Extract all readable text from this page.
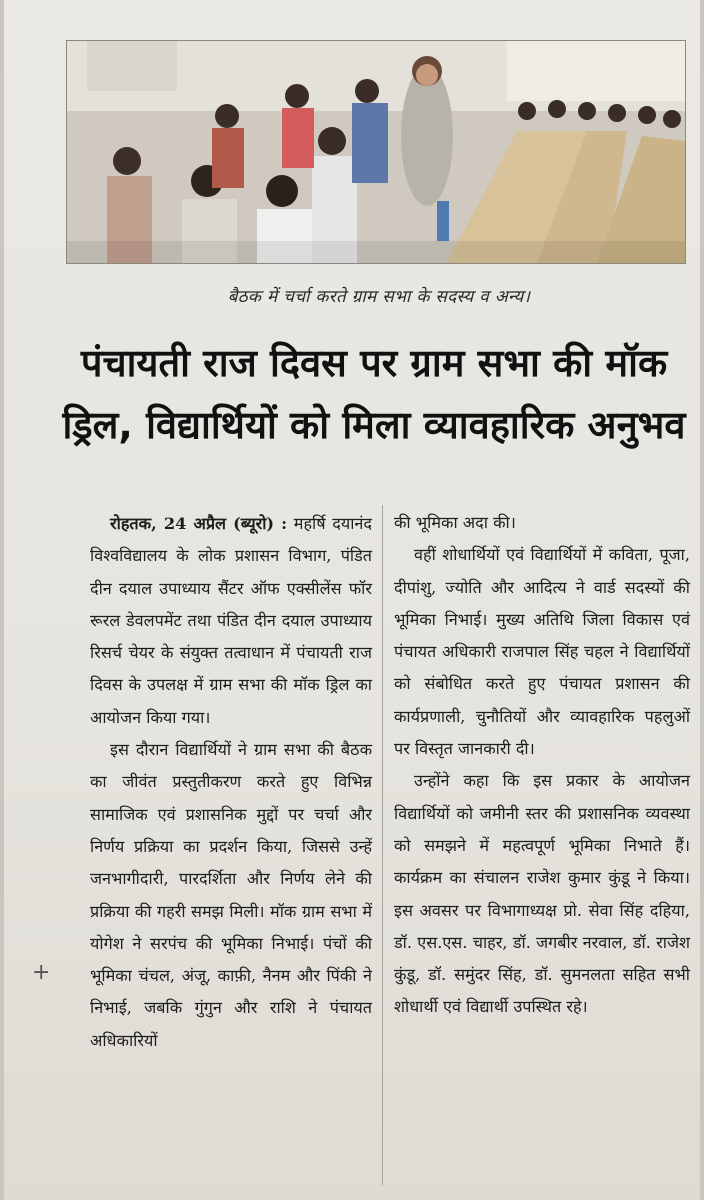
बैठक में चर्चा करते ग्राम सभा के सदस्य व अन्य।
पंचायती राज दिवस पर ग्राम सभा की मॉक
ड्रिल, विद्यार्थियों को मिला व्यावहारिक अनुभव

रोहतक, 24 अप्रैल (ब्यूरो) : महर्षि दयानंद विश्वविद्यालय के लोक प्रशासन विभाग, पंडित दीन दयाल उपाध्याय सैंटर ऑफ एक्सीलेंस फॉर रूरल डेवलपमेंट तथा पंडित दीन दयाल उपाध्याय रिसर्च चेयर के संयुक्त तत्वाधान में पंचायती राज दिवस के उपलक्ष में ग्राम सभा की मॉक ड्रिल का आयोजन किया गया।

इस दौरान विद्यार्थियों ने ग्राम सभा की बैठक का जीवंत प्रस्तुतीकरण करते हुए विभिन्न सामाजिक एवं प्रशासनिक मुद्दों पर चर्चा और निर्णय प्रक्रिया का प्रदर्शन किया, जिससे उन्हें जनभागीदारी, पारदर्शिता और निर्णय लेने की प्रक्रिया की गहरी समझ मिली। मॉक ग्राम सभा में योगेश ने सरपंच की भूमिका निभाई। पंचों की भूमिका चंचल, अंजू, काफ़ी, नैनम और पिंकी ने निभाई, जबकि गुंगुन और राशि ने पंचायत अधिकारियों

की भूमिका अदा की।

वहीं शोधार्थियों एवं विद्यार्थियों में कविता, पूजा, दीपांशु, ज्योति और आदित्य ने वार्ड सदस्यों की भूमिका निभाई। मुख्य अतिथि जिला विकास एवं पंचायत अधिकारी राजपाल सिंह चहल ने विद्यार्थियों को संबोधित करते हुए पंचायत प्रशासन की कार्यप्रणाली, चुनौतियों और व्यावहारिक पहलुओं पर विस्तृत जानकारी दी।

उन्होंने कहा कि इस प्रकार के आयोजन विद्यार्थियों को जमीनी स्तर की प्रशासनिक व्यवस्था को समझने में महत्वपूर्ण भूमिका निभाते हैं। कार्यक्रम का संचालन राजेश कुमार कुंडू ने किया। इस अवसर पर विभागाध्यक्ष प्रो. सेवा सिंह दहिया, डॉ. एस.एस. चाहर, डॉ. जगबीर नरवाल, डॉ. राजेश कुंडू, डॉ. समुंदर सिंह, डॉ. सुमनलता सहित सभी शोधार्थी एवं विद्यार्थी उपस्थित रहे।

+
